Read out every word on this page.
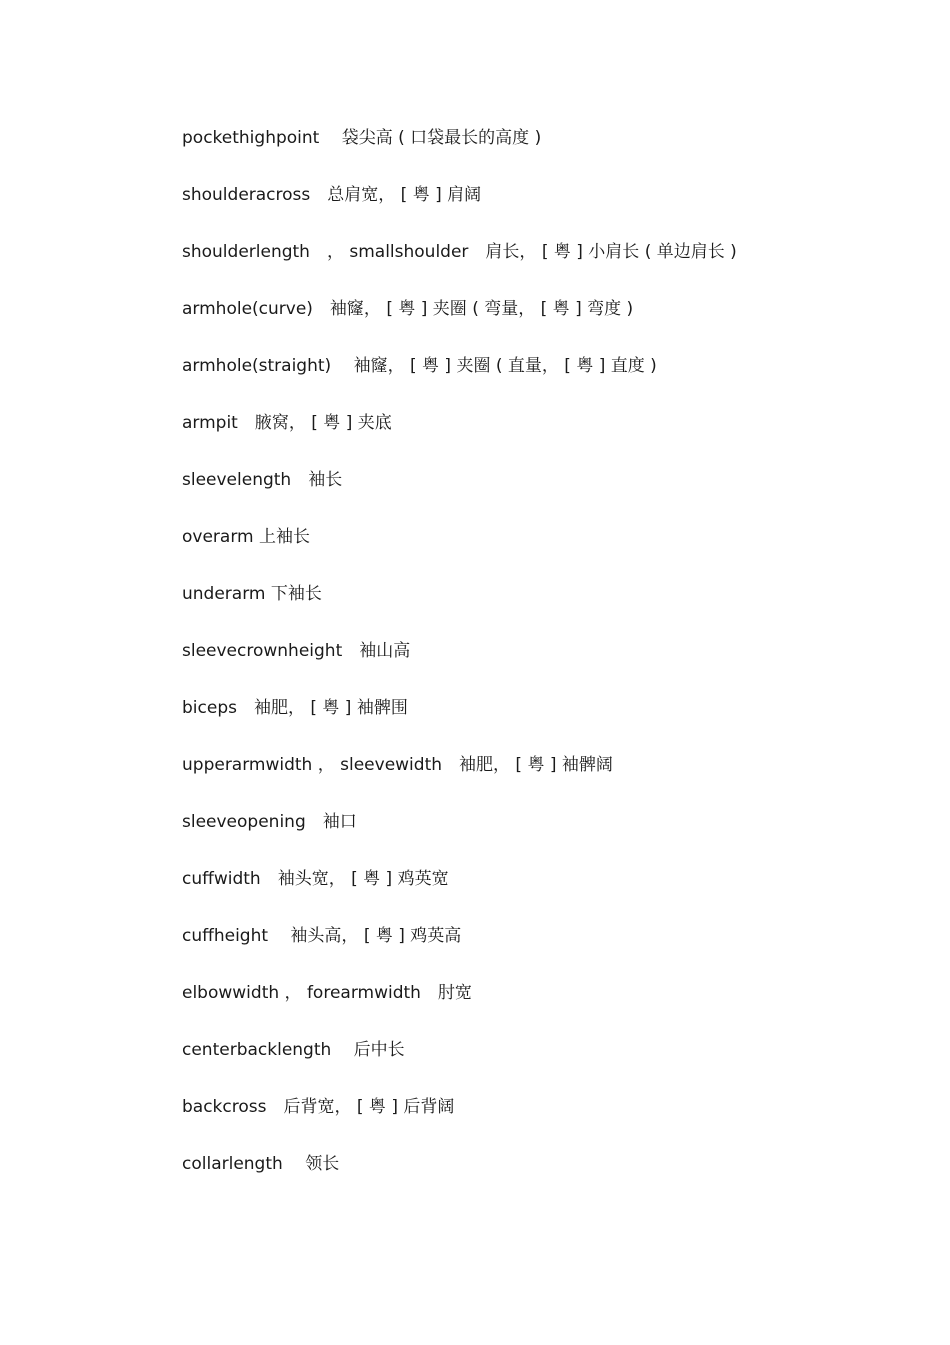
pockethighpoint　 袋尖高 ( 口袋最长的高度 )
shoulderacross　总肩宽， [ 粤 ] 肩阔
shoulderlength　， smallshoulder　肩长， [ 粤 ] 小肩长 ( 单边肩长 )
armhole(curve)　袖窿， [ 粤 ] 夹圈 ( 弯量， [ 粤 ] 弯度 )
armhole(straight)　 袖窿， [ 粤 ] 夹圈 ( 直量， [ 粤 ] 直度 )
armpit　腋窝， [ 粤 ] 夹底
sleevelength　袖长
overarm 上袖长
underarm 下袖长
sleevecrownheight　袖山高
biceps　袖肥， [ 粤 ] 袖髀围
upperarmwidth ， sleevewidth　袖肥， [ 粤 ] 袖髀阔
sleeveopening　袖口
cuffwidth　袖头宽， [ 粤 ] 鸡英宽
cuffheight　 袖头高， [ 粤 ] 鸡英高
elbowwidth ， forearmwidth　肘宽
centerbacklength　 后中长
backcross　后背宽， [ 粤 ] 后背阔
collarlength　 领长
